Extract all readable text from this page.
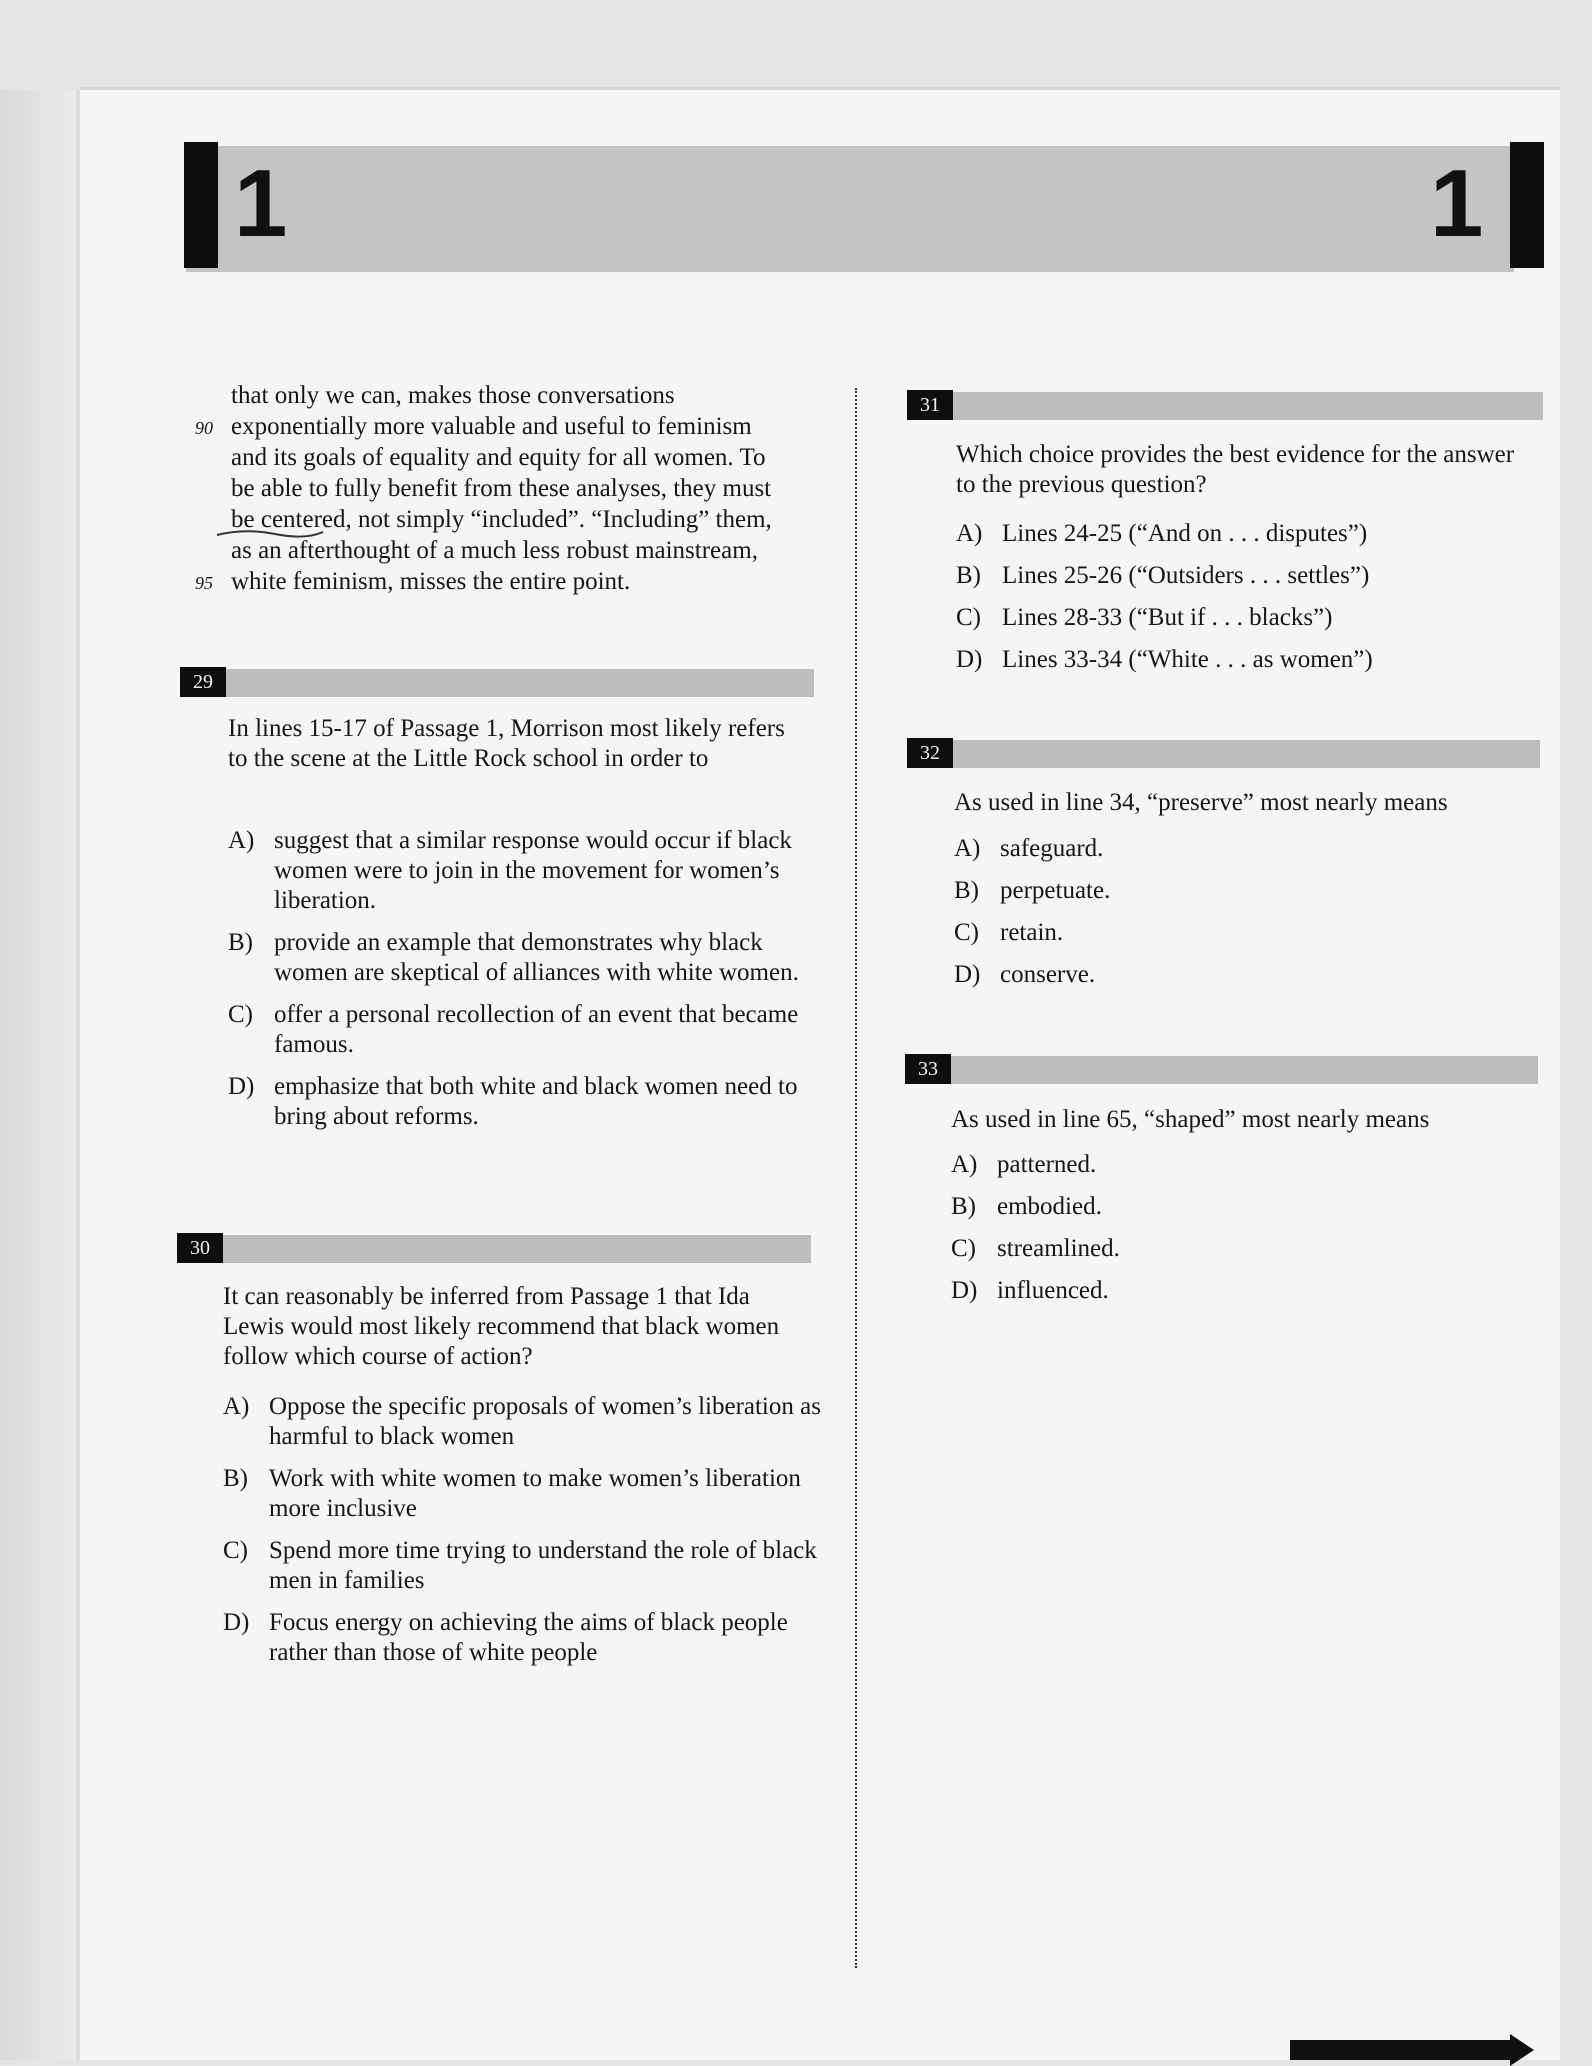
1	1
that only we can, makes those conversations
90 exponentially more valuable and useful to feminism
and its goals of equality and equity for all women. To
be able to fully benefit from these analyses, they must
be centered, not simply “included”. “Including” them,
as an afterthought of a much less robust mainstream,
95 white feminism, misses the entire point.
29
In lines 15-17 of Passage 1, Morrison most likely refers to the scene at the Little Rock school in order to
A) suggest that a similar response would occur if black women were to join in the movement for women’s liberation.
B) provide an example that demonstrates why black women are skeptical of alliances with white women.
C) offer a personal recollection of an event that became famous.
D) emphasize that both white and black women need to bring about reforms.
30
It can reasonably be inferred from Passage 1 that Ida Lewis would most likely recommend that black women follow which course of action?
A) Oppose the specific proposals of women’s liberation as harmful to black women
B) Work with white women to make women’s liberation more inclusive
C) Spend more time trying to understand the role of black men in families
D) Focus energy on achieving the aims of black people rather than those of white people
31
Which choice provides the best evidence for the answer to the previous question?
A) Lines 24-25 (“And on . . . disputes”)
B) Lines 25-26 (“Outsiders . . . settles”)
C) Lines 28-33 (“But if . . . blacks”)
D) Lines 33-34 (“White . . . as women”)
32
As used in line 34, “preserve” most nearly means
A) safeguard.
B) perpetuate.
C) retain.
D) conserve.
33
As used in line 65, “shaped” most nearly means
A) patterned.
B) embodied.
C) streamlined.
D) influenced.
